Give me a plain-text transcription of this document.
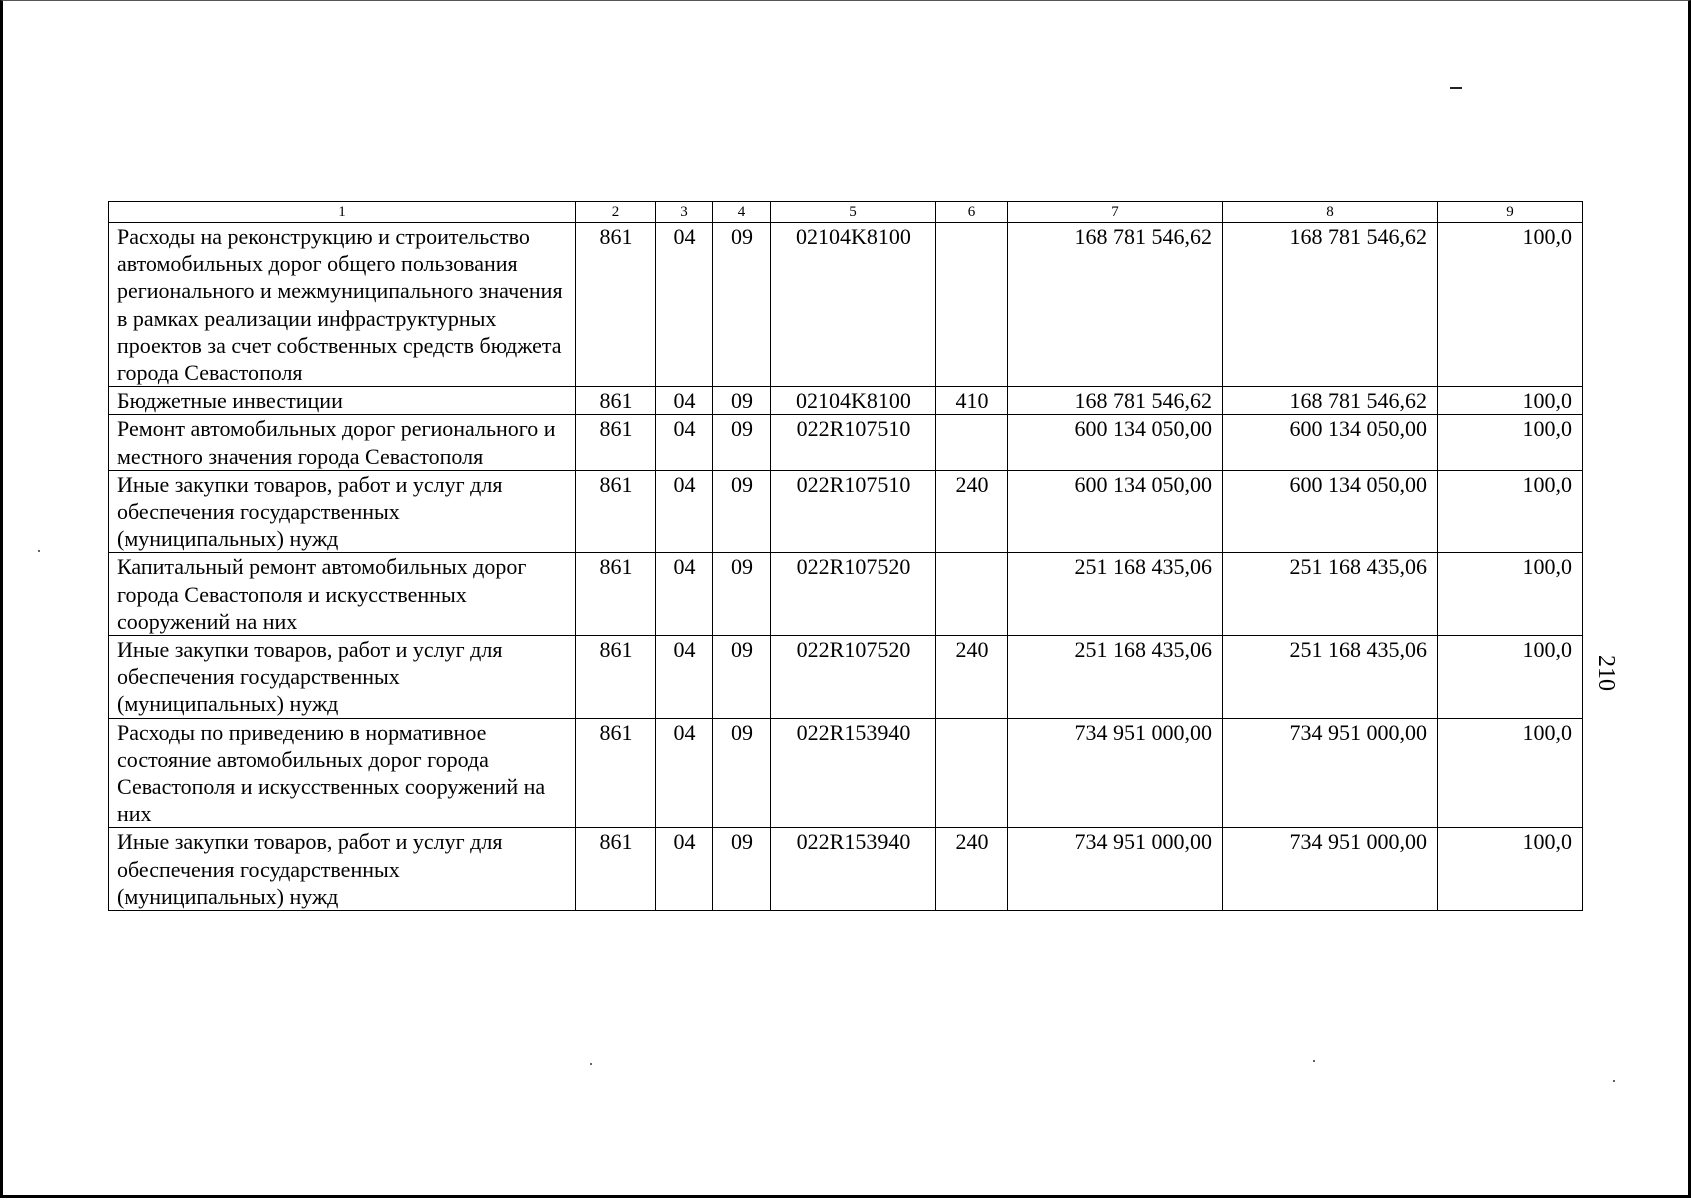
1	2	3	4	5	6	7	8	9
Расходы на реконструкцию и строительство автомобильных дорог общего пользования регионального и межмуниципального значения в рамках реализации инфраструктурных проектов за счет собственных средств бюджета города Севастополя	861	04	09	02104K8100		168 781 546,62	168 781 546,62	100,0
Бюджетные инвестиции	861	04	09	02104K8100	410	168 781 546,62	168 781 546,62	100,0
Ремонт автомобильных дорог регионального и местного значения города Севастополя	861	04	09	022R107510		600 134 050,00	600 134 050,00	100,0
Иные закупки товаров, работ и услуг для обеспечения государственных (муниципальных) нужд	861	04	09	022R107510	240	600 134 050,00	600 134 050,00	100,0
Капитальный ремонт автомобильных дорог города Севастополя и искусственных сооружений на них	861	04	09	022R107520		251 168 435,06	251 168 435,06	100,0
Иные закупки товаров, работ и услуг для обеспечения государственных (муниципальных) нужд	861	04	09	022R107520	240	251 168 435,06	251 168 435,06	100,0
Расходы по приведению в нормативное состояние автомобильных дорог города Севастополя и искусственных сооружений на них	861	04	09	022R153940		734 951 000,00	734 951 000,00	100,0
Иные закупки товаров, работ и услуг для обеспечения государственных (муниципальных) нужд	861	04	09	022R153940	240	734 951 000,00	734 951 000,00	100,0
210
